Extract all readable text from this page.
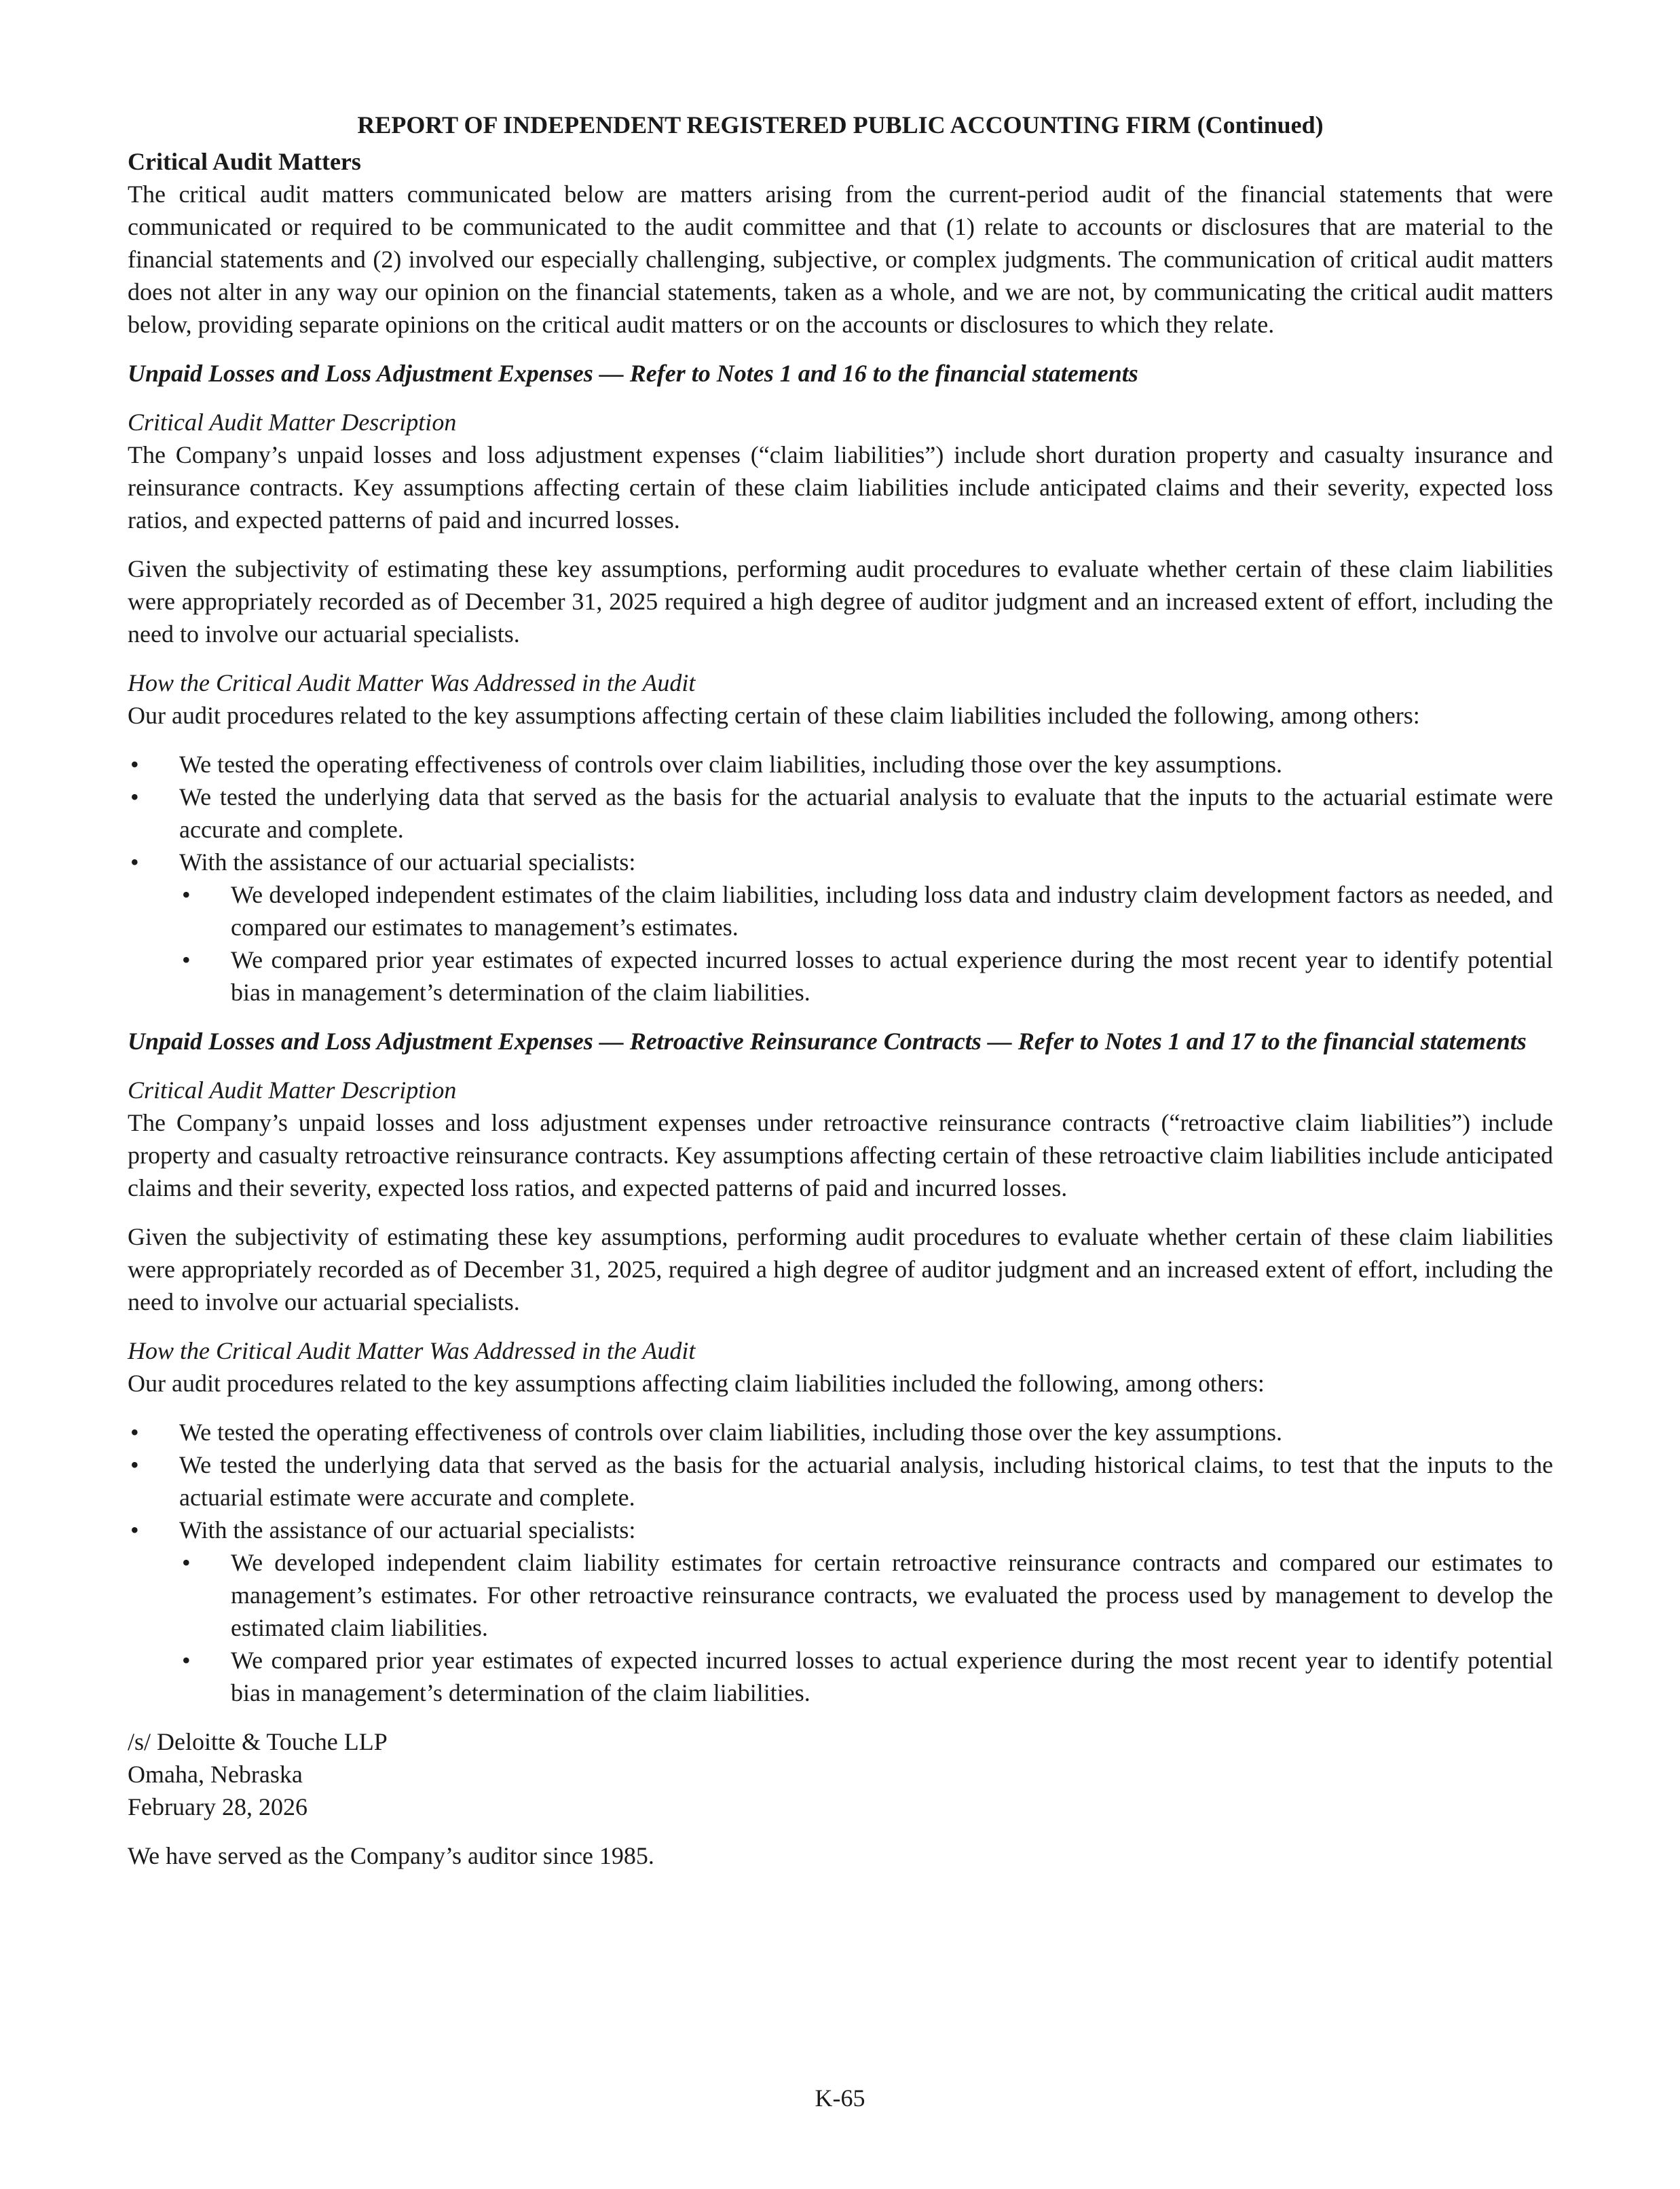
REPORT OF INDEPENDENT REGISTERED PUBLIC ACCOUNTING FIRM (Continued)
Critical Audit Matters
The critical audit matters communicated below are matters arising from the current-period audit of the financial statements that were communicated or required to be communicated to the audit committee and that (1) relate to accounts or disclosures that are material to the financial statements and (2) involved our especially challenging, subjective, or complex judgments. The communication of critical audit matters does not alter in any way our opinion on the financial statements, taken as a whole, and we are not, by communicating the critical audit matters below, providing separate opinions on the critical audit matters or on the accounts or disclosures to which they relate.
Unpaid Losses and Loss Adjustment Expenses — Refer to Notes 1 and 16 to the financial statements
Critical Audit Matter Description
The Company’s unpaid losses and loss adjustment expenses (“claim liabilities”) include short duration property and casualty insurance and reinsurance contracts. Key assumptions affecting certain of these claim liabilities include anticipated claims and their severity, expected loss ratios, and expected patterns of paid and incurred losses.
Given the subjectivity of estimating these key assumptions, performing audit procedures to evaluate whether certain of these claim liabilities were appropriately recorded as of December 31, 2025 required a high degree of auditor judgment and an increased extent of effort, including the need to involve our actuarial specialists.
How the Critical Audit Matter Was Addressed in the Audit
Our audit procedures related to the key assumptions affecting certain of these claim liabilities included the following, among others:
• We tested the operating effectiveness of controls over claim liabilities, including those over the key assumptions.
• We tested the underlying data that served as the basis for the actuarial analysis to evaluate that the inputs to the actuarial estimate were accurate and complete.
• With the assistance of our actuarial specialists:
• We developed independent estimates of the claim liabilities, including loss data and industry claim development factors as needed, and compared our estimates to management’s estimates.
• We compared prior year estimates of expected incurred losses to actual experience during the most recent year to identify potential bias in management’s determination of the claim liabilities.
Unpaid Losses and Loss Adjustment Expenses — Retroactive Reinsurance Contracts — Refer to Notes 1 and 17 to the financial statements
Critical Audit Matter Description
The Company’s unpaid losses and loss adjustment expenses under retroactive reinsurance contracts (“retroactive claim liabilities”) include property and casualty retroactive reinsurance contracts. Key assumptions affecting certain of these retroactive claim liabilities include anticipated claims and their severity, expected loss ratios, and expected patterns of paid and incurred losses.
Given the subjectivity of estimating these key assumptions, performing audit procedures to evaluate whether certain of these claim liabilities were appropriately recorded as of December 31, 2025, required a high degree of auditor judgment and an increased extent of effort, including the need to involve our actuarial specialists.
How the Critical Audit Matter Was Addressed in the Audit
Our audit procedures related to the key assumptions affecting claim liabilities included the following, among others:
• We tested the operating effectiveness of controls over claim liabilities, including those over the key assumptions.
• We tested the underlying data that served as the basis for the actuarial analysis, including historical claims, to test that the inputs to the actuarial estimate were accurate and complete.
• With the assistance of our actuarial specialists:
• We developed independent claim liability estimates for certain retroactive reinsurance contracts and compared our estimates to management’s estimates. For other retroactive reinsurance contracts, we evaluated the process used by management to develop the estimated claim liabilities.
• We compared prior year estimates of expected incurred losses to actual experience during the most recent year to identify potential bias in management’s determination of the claim liabilities.
/s/ Deloitte & Touche LLP
Omaha, Nebraska
February 28, 2026
We have served as the Company’s auditor since 1985.
K-65
